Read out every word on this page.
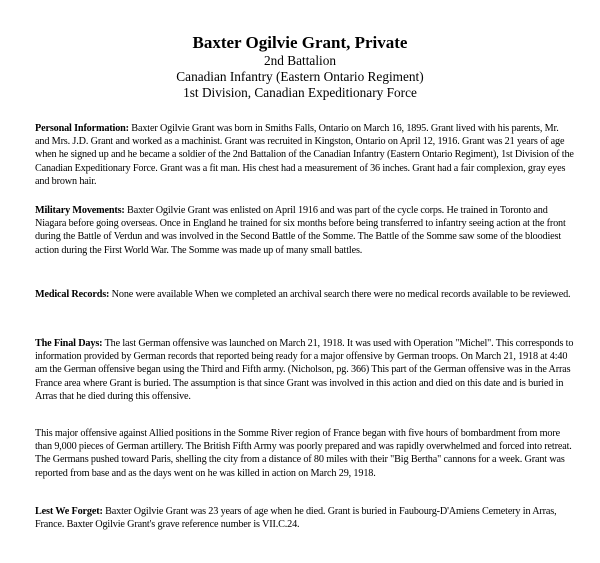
Baxter Ogilvie Grant, Private

2nd Battalion

Canadian Infantry (Eastern Ontario Regiment)

1st Division, Canadian Expeditionary Force

Personal Information: Baxter Ogilvie Grant was born in Smiths Falls, Ontario on March 16, 1895. Grant lived with his parents, Mr. and Mrs. J.D. Grant and worked as a machinist. Grant was recruited in Kingston, Ontario on April 12, 1916. Grant was 21 years of age when he signed up and he became a soldier of the 2nd Battalion of the Canadian Infantry (Eastern Ontario Regiment), 1st Division of the Canadian Expeditionary Force. Grant was a fit man. His chest had a measurement of 36 inches. Grant had a fair complexion, gray eyes and brown hair.

Military Movements: Baxter Ogilvie Grant was enlisted on April 1916 and was part of the cycle corps. He trained in Toronto and Niagara before going overseas. Once in England he trained for six months before being transferred to infantry seeing action at the front during the Battle of Verdun and was involved in the Second Battle of the Somme. The Battle of the Somme saw some of the bloodiest action during the First World War. The Somme was made up of many small battles.

Medical Records: None were available When we completed an archival search there were no medical records available to be reviewed.

The Final Days: The last German offensive was launched on March 21, 1918. It was used with Operation "Michel". This corresponds to information provided by German records that reported being ready for a major offensive by German troops. On March 21, 1918 at 4:40 am the German offensive began using the Third and Fifth army. (Nicholson, pg. 366) This part of the German offensive was in the Arras France area where Grant is buried. The assumption is that since Grant was involved in this action and died on this date and is buried in Arras that he died during this offensive.

This major offensive against Allied positions in the Somme River region of France began with five hours of bombardment from more than 9,000 pieces of German artillery. The British Fifth Army was poorly prepared and was rapidly overwhelmed and forced into retreat. The Germans pushed toward Paris, shelling the city from a distance of 80 miles with their "Big Bertha" cannons for a week. Grant was reported from base and as the days went on he was killed in action on March 29, 1918.

Lest We Forget: Baxter Ogilvie Grant was 23 years of age when he died. Grant is buried in Faubourg-D'Amiens Cemetery in Arras, France. Baxter Ogilvie Grant's grave reference number is VII.C.24.
